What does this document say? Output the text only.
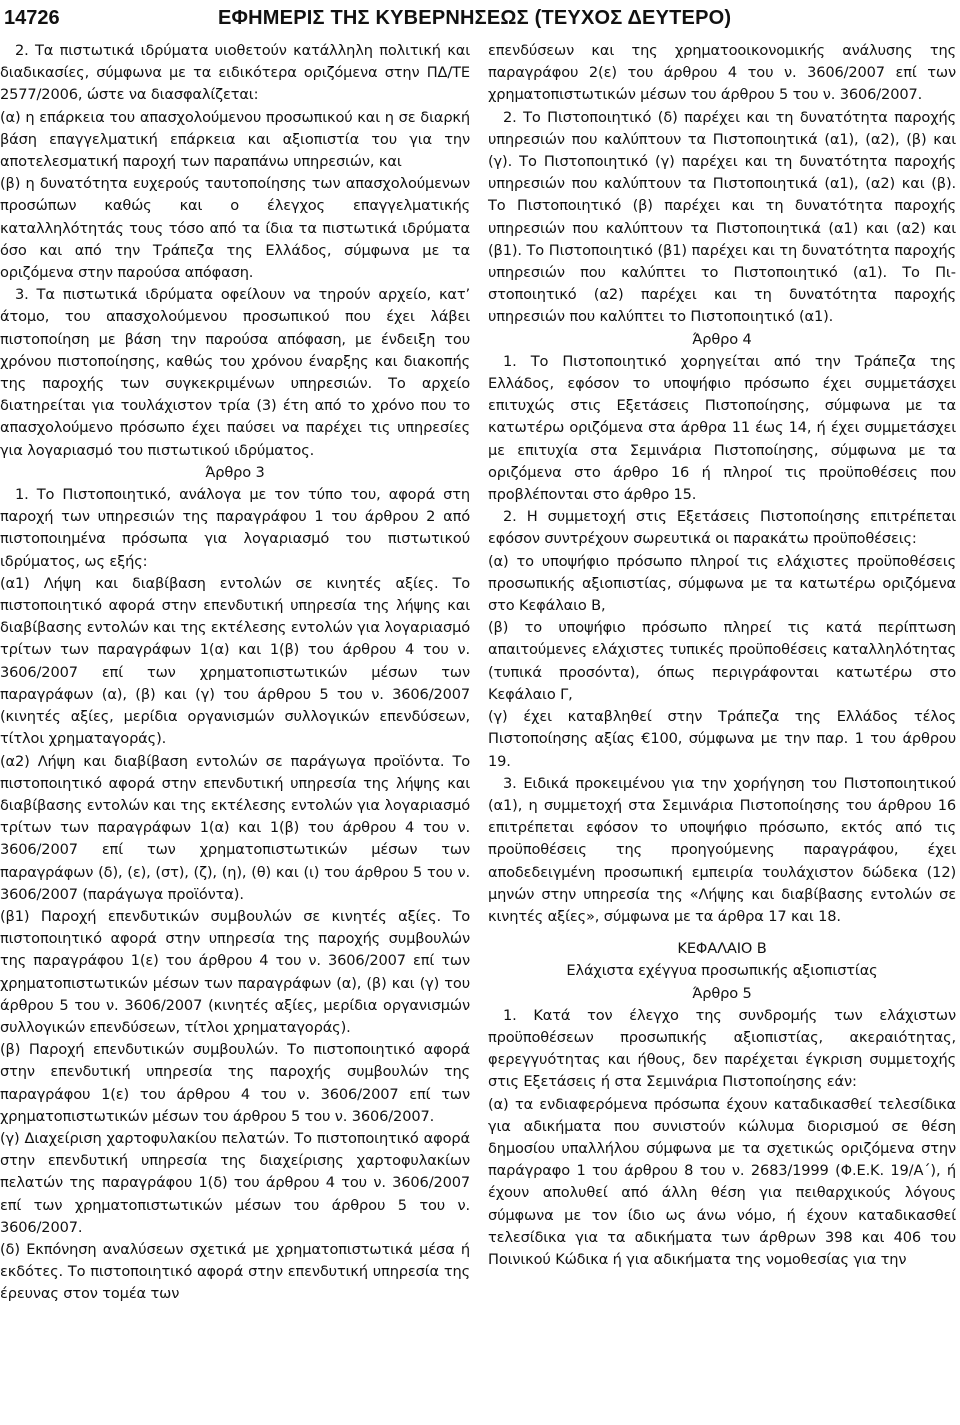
14726	ΕΦΗΜΕΡΙΣ ΤΗΣ ΚΥΒΕΡΝΗΣΕΩΣ (ΤΕΥΧΟΣ ΔΕΥΤΕΡΟ)

2. Τα πιστωτικά ιδρύματα υιοθετούν κατάλληλη πολιτική και διαδικασίες, σύμφωνα με τα ειδικότερα οριζόμενα στην ΠΔ/ΤΕ 2577/2006, ώστε να διασφαλίζεται:

(α) η επάρκεια του απασχολούμενου προσωπικού και η σε διαρκή βάση επαγγελματική επάρκεια και αξιοπιστία του για την αποτελεσματική παροχή των παραπάνω υπηρεσιών, και

(β) η δυνατότητα ευχερούς ταυτοποίησης των απασχολούμενων προσώπων καθώς και ο έλεγχος επαγγελματικής καταλληλότητάς τους τόσο από τα ίδια τα πιστωτικά ιδρύματα όσο και από την Τράπεζα της Ελλάδος, σύμφωνα με τα οριζόμενα στην παρούσα απόφαση.

3. Τα πιστωτικά ιδρύματα οφείλουν να τηρούν αρχείο, κατ’ άτομο, του απασχολούμενου προσωπικού που έχει λάβει πιστοποίηση με βάση την παρούσα απόφαση, με ένδειξη του χρόνου πιστοποίησης, καθώς του χρόνου έναρξης και διακοπής της παροχής των συγκεκριμένων υπηρεσιών. Το αρχείο διατηρείται για τουλάχιστον τρία (3) έτη από το χρόνο που το απασχολούμενο πρόσωπο έχει παύσει να παρέχει τις υπηρεσίες για λογαριασμό του πιστωτικού ιδρύματος.

Άρθρο 3

1. Το Πιστοποιητικό, ανάλογα με τον τύπο του, αφορά στη παροχή των υπηρεσιών της παραγράφου 1 του άρθρου 2 από πιστοποιημένα πρόσωπα για λογαριασμό του πιστωτικού ιδρύματος, ως εξής:

(α1) Λήψη και διαβίβαση εντολών σε κινητές αξίες. Το πιστοποιητικό αφορά στην επενδυτική υπηρεσία της λήψης και διαβίβασης εντολών και της εκτέλεσης εντολών για λογαριασμό τρίτων των παραγράφων 1(α) και 1(β) του άρθρου 4 του ν. 3606/2007 επί των χρηματοπιστωτικών μέσων των παραγράφων (α), (β) και (γ) του άρθρου 5 του ν. 3606/2007 (κινητές αξίες, μερίδια οργανισμών συλλογικών επενδύσεων, τίτλοι χρηματαγοράς).

(α2) Λήψη και διαβίβαση εντολών σε παράγωγα προϊόντα. Το πιστοποιητικό αφορά στην επενδυτική υπηρεσία της λήψης και διαβίβασης εντολών και της εκτέλεσης εντολών για λογαριασμό τρίτων των παραγράφων 1(α) και 1(β) του άρθρου 4 του ν. 3606/2007 επί των χρηματοπιστωτικών μέσων των παραγράφων (δ), (ε), (στ), (ζ), (η), (θ) και (ι) του άρθρου 5 του ν. 3606/2007 (παράγωγα προϊόντα).

(β1) Παροχή επενδυτικών συμβουλών σε κινητές αξίες. Το πιστοποιητικό αφορά στην υπηρεσία της παροχής συμβουλών της παραγράφου 1(ε) του άρθρου 4 του ν. 3606/2007 επί των χρηματοπιστωτικών μέσων των παραγράφων (α), (β) και (γ) του άρθρου 5 του ν. 3606/2007 (κινητές αξίες, μερίδια οργανισμών συλλογικών επενδύσεων, τίτλοι χρηματαγοράς).

(β) Παροχή επενδυτικών συμβουλών. Το πιστοποιητικό αφορά στην επενδυτική υπηρεσία της παροχής συμβουλών της παραγράφου 1(ε) του άρθρου 4 του ν. 3606/2007 επί των χρηματοπιστωτικών μέσων του άρθρου 5 του ν. 3606/2007.

(γ) Διαχείριση χαρτοφυλακίου πελατών. Το πιστοποιητικό αφορά στην επενδυτική υπηρεσία της διαχείρισης χαρτοφυλακίων πελατών της παραγράφου 1(δ) του άρθρου 4 του ν. 3606/2007 επί των χρηματοπιστωτικών μέσων του άρθρου 5 του ν. 3606/2007.

(δ) Εκπόνηση αναλύσεων σχετικά με χρηματοπιστωτικά μέσα ή εκδότες. Το πιστοποιητικό αφορά στην επενδυτική υπηρεσία της έρευνας στον τομέα των

επενδύσεων και της χρηματοοικονομικής ανάλυσης της παραγράφου 2(ε) του άρθρου 4 του ν. 3606/2007 επί των χρηματοπιστωτικών μέσων του άρθρου 5 του ν. 3606/2007.

2. Το Πιστοποιητικό (δ) παρέχει και τη δυνατότητα παροχής υπηρεσιών που καλύπτουν τα Πιστοποιητικά (α1), (α2), (β) και (γ). Το Πιστοποιητικό (γ) παρέχει και τη δυνατότητα παροχής υπηρεσιών που καλύπτουν τα Πιστοποιητικά (α1), (α2) και (β). Το Πιστοποιητικό (β) παρέχει και τη δυνατότητα παροχής υπηρεσιών που καλύπτουν τα Πιστοποιητικά (α1) και (α2) και (β1). Το Πιστοποιητικό (β1) παρέχει και τη δυνατότητα παροχής υπηρεσιών που καλύπτει το Πιστοποιητικό (α1). Το Πιστοποιητικό (α2) παρέχει και τη δυνατότητα παροχής υπηρεσιών που καλύπτει το Πιστοποιητικό (α1).

Άρθρο 4

1. Το Πιστοποιητικό χορηγείται από την Τράπεζα της Ελλάδος, εφόσον το υποψήφιο πρόσωπο έχει συμμετάσχει επιτυχώς στις Εξετάσεις Πιστοποίησης, σύμφωνα με τα κατωτέρω οριζόμενα στα άρθρα 11 έως 14, ή έχει συμμετάσχει με επιτυχία στα Σεμινάρια Πιστοποίησης, σύμφωνα με τα οριζόμενα στο άρθρο 16 ή πληροί τις προϋποθέσεις που προβλέπονται στο άρθρο 15.

2. Η συμμετοχή στις Εξετάσεις Πιστοποίησης επιτρέπεται εφόσον συντρέχουν σωρευτικά οι παρακάτω προϋποθέσεις:

(α) το υποψήφιο πρόσωπο πληροί τις ελάχιστες προϋποθέσεις προσωπικής αξιοπιστίας, σύμφωνα με τα κατωτέρω οριζόμενα στο Κεφάλαιο Β,

(β) το υποψήφιο πρόσωπο πληρεί τις κατά περίπτωση απαιτούμενες ελάχιστες τυπικές προϋποθέσεις καταλληλότητας (τυπικά προσόντα), όπως περιγράφονται κατωτέρω στο Κεφάλαιο Γ,

(γ) έχει καταβληθεί στην Τράπεζα της Ελλάδος τέλος Πιστοποίησης αξίας €100, σύμφωνα με την παρ. 1 του άρθρου 19.

3. Ειδικά προκειμένου για την χορήγηση του Πιστοποιητικού (α1), η συμμετοχή στα Σεμινάρια Πιστοποίησης του άρθρου 16 επιτρέπεται εφόσον το υποψήφιο πρόσωπο, εκτός από τις προϋποθέσεις της προηγούμενης παραγράφου, έχει αποδεδειγμένη προσωπική εμπειρία τουλάχιστον δώδεκα (12) μηνών στην υπηρεσία της «Λήψης και διαβίβασης εντολών σε κινητές αξίες», σύμφωνα με τα άρθρα 17 και 18.

ΚΕΦΑΛΑΙΟ Β

Ελάχιστα εχέγγυα προσωπικής αξιοπιστίας

Άρθρο 5

1. Κατά τον έλεγχο της συνδρομής των ελάχιστων προϋποθέσεων προσωπικής αξιοπιστίας, ακεραιότητας, φερεγγυότητας και ήθους, δεν παρέχεται έγκριση συμμετοχής στις Εξετάσεις ή στα Σεμινάρια Πιστοποίησης εάν:

(α) τα ενδιαφερόμενα πρόσωπα έχουν καταδικασθεί τελεσίδικα για αδικήματα που συνιστούν κώλυμα διορισμού σε θέση δημοσίου υπαλλήλου σύμφωνα με τα σχετικώς οριζόμενα στην παράγραφο 1 του άρθρου 8 του ν. 2683/1999 (Φ.Ε.Κ. 19/Α΄), ή έχουν απολυθεί από άλλη θέση για πειθαρχικούς λόγους σύμφωνα με τον ίδιο ως άνω νόμο, ή έχουν καταδικασθεί τελεσίδικα για τα αδικήματα των άρθρων 398 και 406 του Ποινικού Κώδικα ή για αδικήματα της νομοθεσίας για την
